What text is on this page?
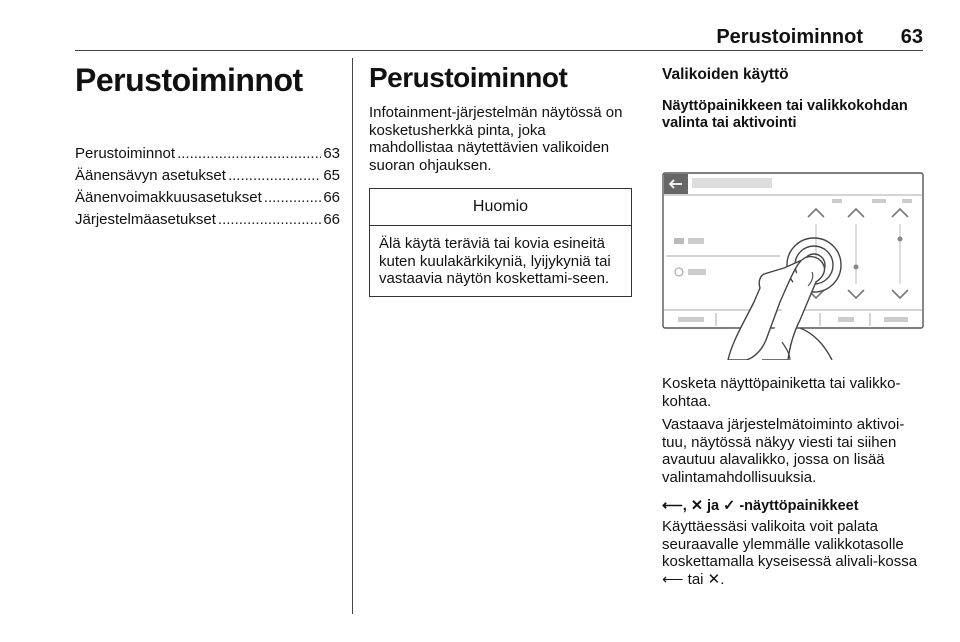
Perustoiminnot 63
Perustoiminnot
Perustoiminnot .....	63
Äänensävyn asetukset .....	65
Äänenvoimakkuusasetukset .....	66
Järjestelmäasetukset .....	66
Perustoiminnot

Infotainment-järjestelmän näytössä on kosketusherkkä pinta, joka mahdollistaa näytettävien valikoiden suoran ohjauksen.

Huomio
Älä käytä teräviä tai kovia esineitä kuten kuulakärkikyniä, lyijykyniä tai vastaavia näytön koskettami-seen.
Valikoiden käyttö
Näyttöpainikkeen tai valikkokohdan valinta tai aktivointi

Kosketa näyttöpainiketta tai valikko-kohtaa.

Vastaava järjestelmätoiminto aktivoi-tuu, näytössä näkyy viesti tai siihen avautuu alavalikko, jossa on lisää valintamahdollisuuksia.

⟵, ✕ ja ✓ -näyttöpainikkeet

Käyttäessäsi valikoita voit palata seuraavalle ylemmälle valikkotasolle koskettamalla kyseisessä alivali-kossa ⟵ tai ✕.
